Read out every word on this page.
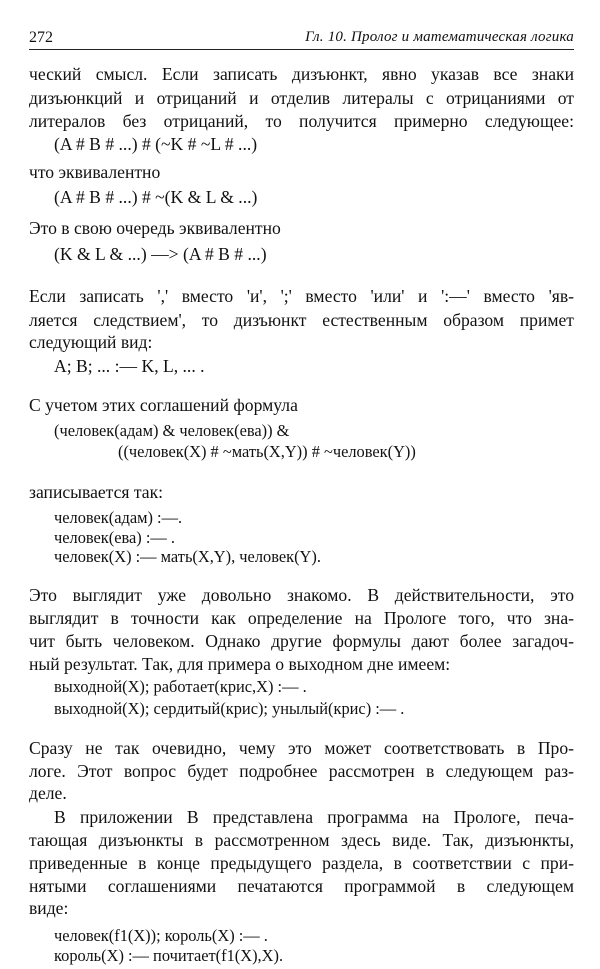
272	Гл. 10. Пролог и математическая логика
ческий смысл. Если записать дизъюнкт, явно указав все знаки
дизъюнкций и отрицаний и отделив литералы с отрицаниями от
литералов без отрицаний, то получится примерно следующее:
(A # B # ...) # (~K # ~L # ...)
что эквивалентно
(A # B # ...) # ~(K & L & ...)
Это в свою очередь эквивалентно
(K & L & ...) —> (A # B # ...)
Если записать ',' вместо 'и', ';' вместо 'или' и ':—' вместо 'яв-
ляется следствием', то дизъюнкт естественным образом примет
следующий вид:
A; B; ... :— K, L, ... .
С учетом этих соглашений формула
(человек(адам) & человек(ева)) &
((человек(X) # ~мать(X,Y)) # ~человек(Y))
записывается так:
человек(адам) :—.
человек(ева) :— .
человек(X) :— мать(X,Y), человек(Y).
Это выглядит уже довольно знакомо. В действительности, это
выглядит в точности как определение на Прологе того, что зна-
чит быть человеком. Однако другие формулы дают более загадоч-
ный результат. Так, для примера о выходном дне имеем:
выходной(X); работает(крис,X) :— .
выходной(X); сердитый(крис); унылый(крис) :— .
Сразу не так очевидно, чему это может соответствовать в Про-
логе. Этот вопрос будет подробнее рассмотрен в следующем раз-
деле.
В приложении В представлена программа на Прологе, печа-
тающая дизъюнкты в рассмотренном здесь виде. Так, дизъюнкты,
приведенные в конце предыдущего раздела, в соответствии с при-
нятыми соглашениями печатаются программой в следующем
виде:
человек(f1(X)); король(X) :— .
король(X) :— почитает(f1(X),X).
